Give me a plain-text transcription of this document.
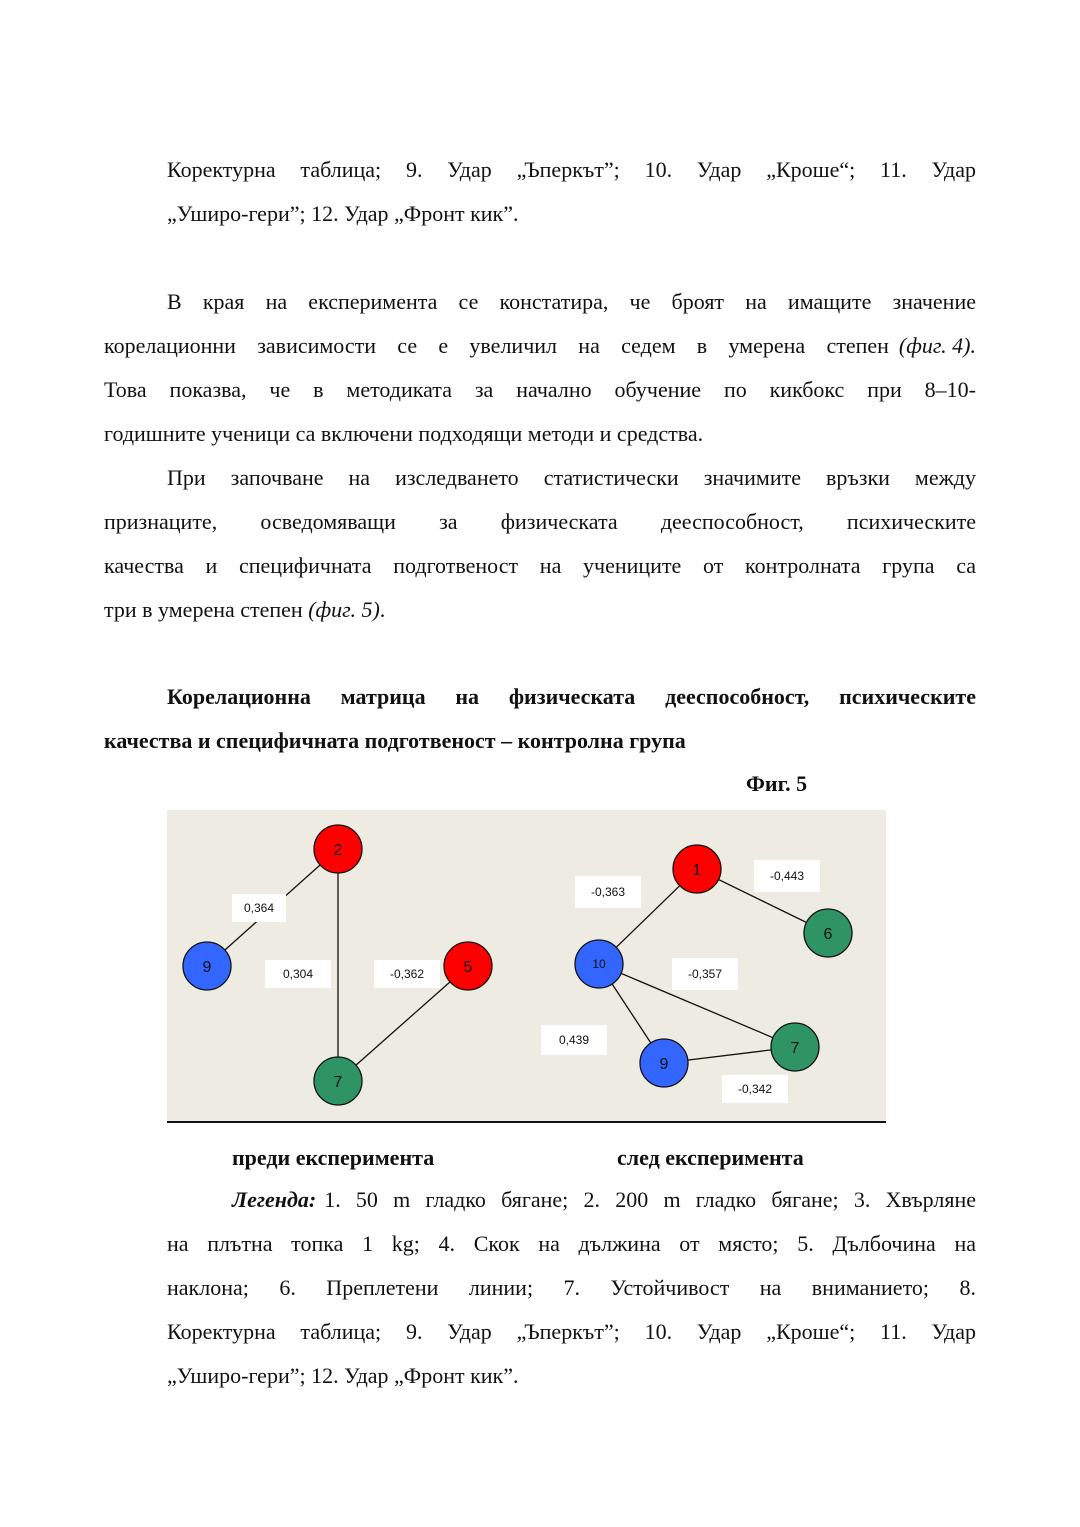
Коректурна таблица; 9. Удар „Ъперкът”; 10. Удар „Кроше“; 11. Удар
„Уширо-гери”; 12. Удар „Фронт кик”.
В края на експеримента се констатира, че броят на имащите значение
корелационни зависимости се е увеличил на седем в умерена степен (фиг. 4).
Това показва, че в методиката за начално обучение по кикбокс при 8–10-
годишните ученици са включени подходящи методи и средства.
При започване на изследването статистически значимите връзки между
признаците, осведомяващи за физическата дееспособност, психическите
качества и специфичната подготвеност на учениците от контролната група са
три в умерена степен (фиг. 5).
Корелационна матрица на физическата дееспособност, психическите
качества и специфичната подготвеност – контролна група
Фиг. 5
0,364
0,304	-0,362
2
9	5
7
-0,363
-0,443
-0,357
0,439
-0,342
1
6
10
9
7
преди експеримента	след експеримента
Легенда: 1. 50 m гладко бягане; 2. 200 m гладко бягане; 3. Хвърляне
на плътна топка 1 kg; 4. Скок на дължина от място; 5. Дълбочина на
наклона; 6. Преплетени линии; 7. Устойчивост на вниманието; 8.
Коректурна таблица; 9. Удар „Ъперкът”; 10. Удар „Кроше“; 11. Удар
„Уширо-гери”; 12. Удар „Фронт кик”.
